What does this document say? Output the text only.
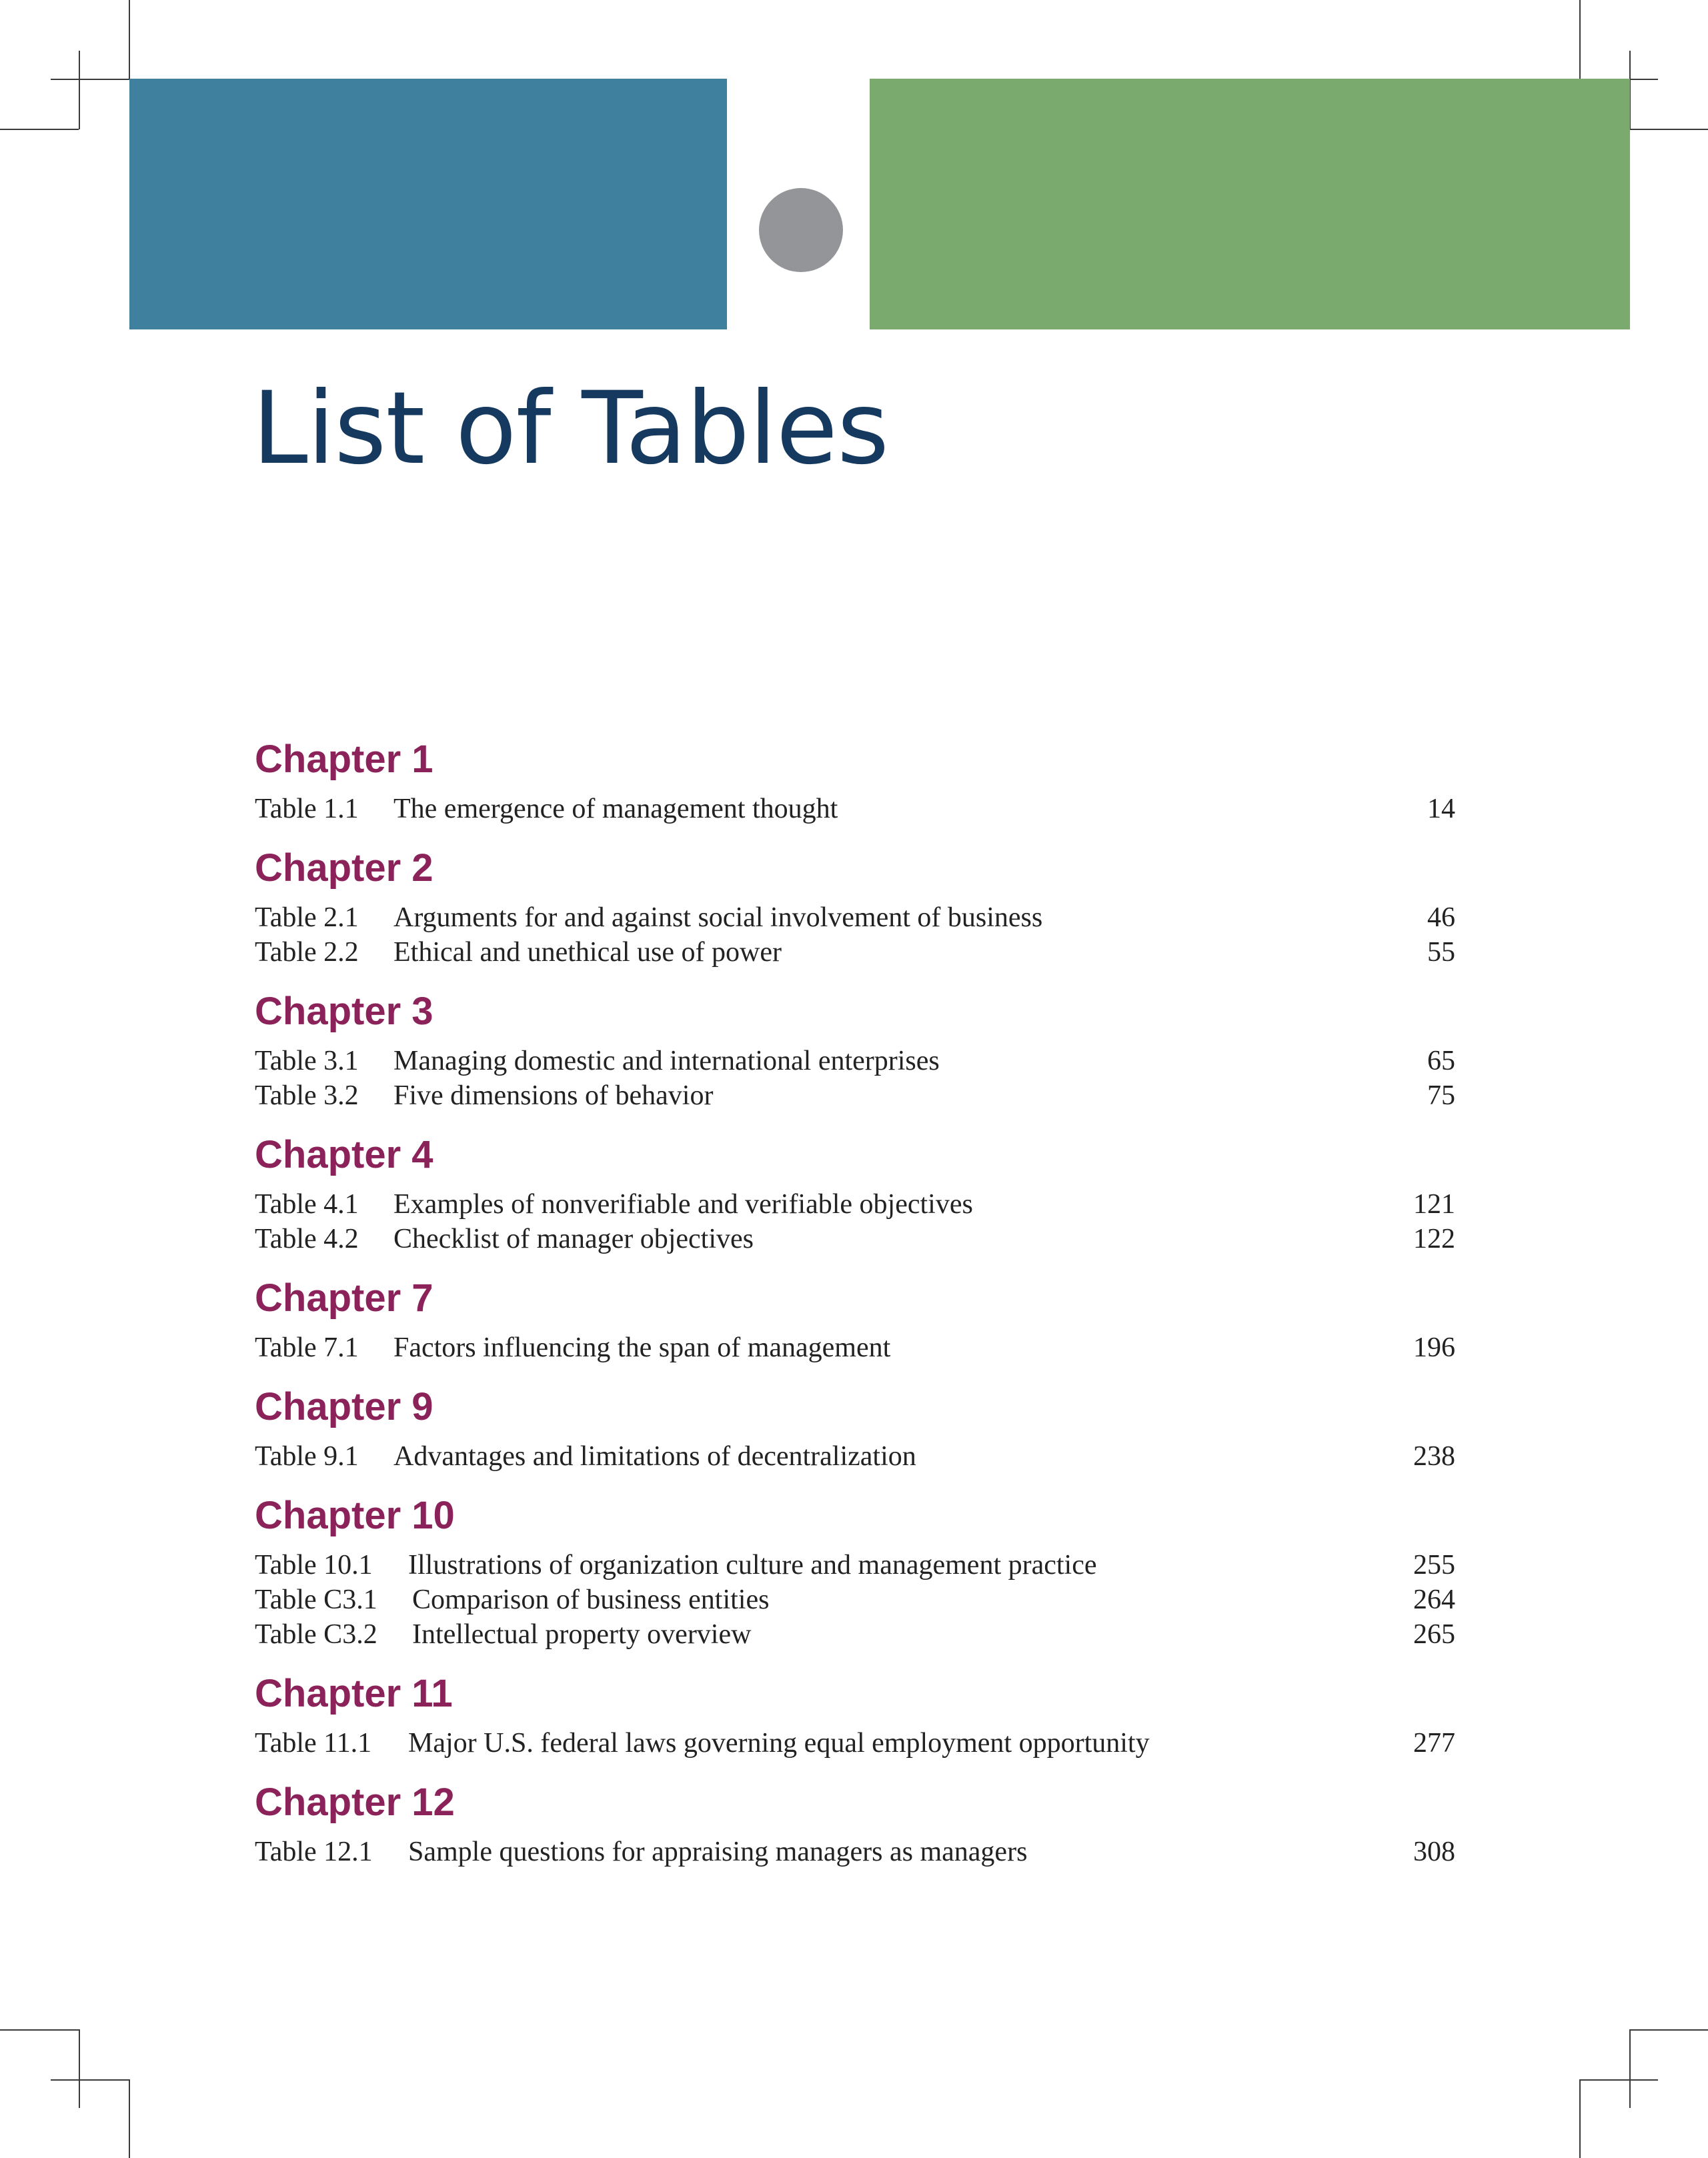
List of Tables
Chapter 1
Table 1.1 The emergence of management thought	14
Chapter 2
Table 2.1 Arguments for and against social involvement of business	46
Table 2.2 Ethical and unethical use of power	55
Chapter 3
Table 3.1 Managing domestic and international enterprises	65
Table 3.2 Five dimensions of behavior	75
Chapter 4
Table 4.1 Examples of nonverifiable and verifiable objectives	121
Table 4.2 Checklist of manager objectives	122
Chapter 7
Table 7.1 Factors influencing the span of management	196
Chapter 9
Table 9.1 Advantages and limitations of decentralization	238
Chapter 10
Table 10.1 Illustrations of organization culture and management practice	255
Table C3.1 Comparison of business entities	264
Table C3.2 Intellectual property overview	265
Chapter 11
Table 11.1 Major U.S. federal laws governing equal employment opportunity	277
Chapter 12
Table 12.1 Sample questions for appraising managers as managers	308
